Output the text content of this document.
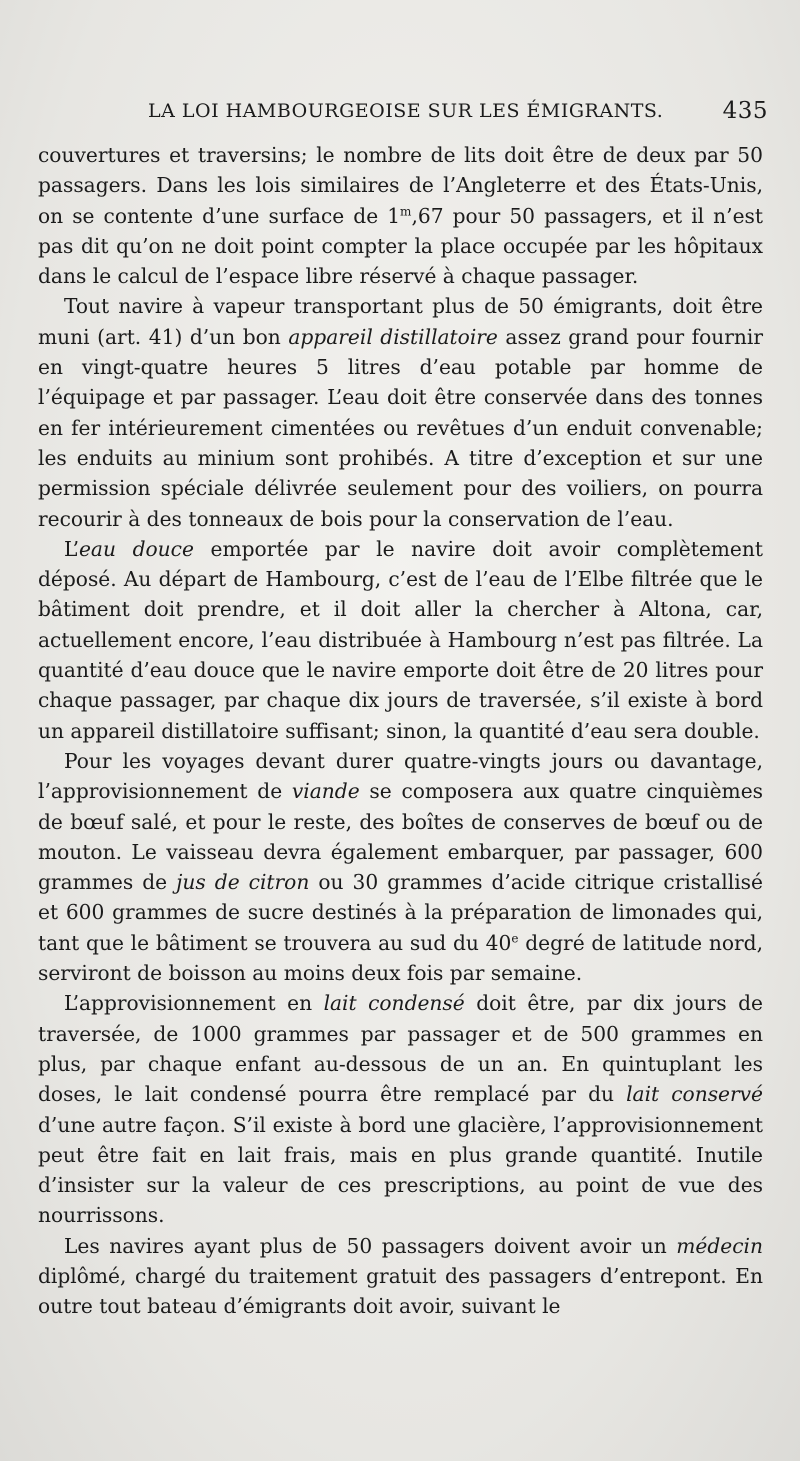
LA LOI HAMBOURGEOISE SUR LES ÉMIGRANTS.	435

couvertures et traversins; le nombre de lits doit être de deux par 50 passagers. Dans les lois similaires de l’Angleterre et des États-Unis, on se contente d’une surface de 1$^m$,67 pour 50 passagers, et il n’est pas dit qu’on ne doit point compter la place occupée par les hôpitaux dans le calcul de l’espace libre réservé à chaque passager.

Tout navire à vapeur transportant plus de 50 émigrants, doit être muni (art. 41) d’un bon appareil distillatoire assez grand pour fournir en vingt-quatre heures 5 litres d’eau potable par homme de l’équipage et par passager. L’eau doit être conservée dans des tonnes en fer intérieurement cimentées ou revêtues d’un enduit convenable; les enduits au minium sont prohibés. A titre d’exception et sur une permission spéciale délivrée seulement pour des voiliers, on pourra recourir à des tonneaux de bois pour la conservation de l’eau.

L’eau douce emportée par le navire doit avoir complètement déposé. Au départ de Hambourg, c’est de l’eau de l’Elbe filtrée que le bâtiment doit prendre, et il doit aller la chercher à Altona, car, actuellement encore, l’eau distribuée à Hambourg n’est pas filtrée. La quantité d’eau douce que le navire emporte doit être de 20 litres pour chaque passager, par chaque dix jours de traversée, s’il existe à bord un appareil distillatoire suffisant; sinon, la quantité d’eau sera double.

Pour les voyages devant durer quatre-vingts jours ou davantage, l’approvisionnement de viande se composera aux quatre cinquièmes de bœuf salé, et pour le reste, des boîtes de conserves de bœuf ou de mouton. Le vaisseau devra également embarquer, par passager, 600 grammes de jus de citron ou 30 grammes d’acide citrique cristallisé et 600 grammes de sucre destinés à la préparation de limonades qui, tant que le bâtiment se trouvera au sud du 40e degré de latitude nord, serviront de boisson au moins deux fois par semaine.

L’approvisionnement en lait condensé doit être, par dix jours de traversée, de 1000 grammes par passager et de 500 grammes en plus, par chaque enfant au-dessous de un an. En quintuplant les doses, le lait condensé pourra être remplacé par du lait conservé d’une autre façon. S’il existe à bord une glacière, l’approvisionnement peut être fait en lait frais, mais en plus grande quantité. Inutile d’insister sur la valeur de ces prescriptions, au point de vue des nourrissons.

Les navires ayant plus de 50 passagers doivent avoir un médecin diplômé, chargé du traitement gratuit des passagers d’entrepont. En outre tout bateau d’émigrants doit avoir, suivant le
